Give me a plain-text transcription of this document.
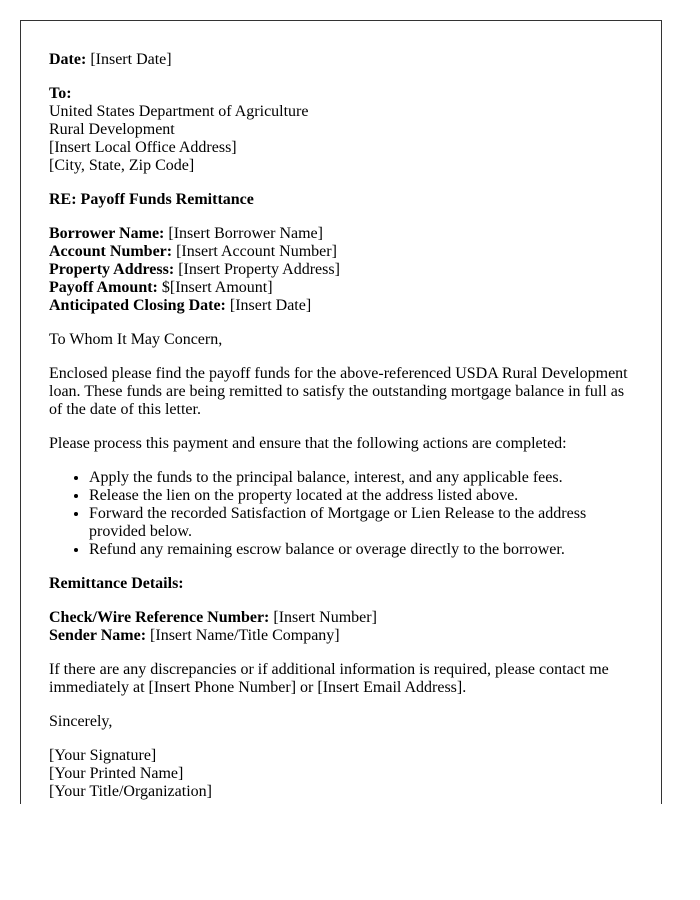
Date: [Insert Date]

To:
United States Department of Agriculture
Rural Development
[Insert Local Office Address]
[City, State, Zip Code]

RE: Payoff Funds Remittance

Borrower Name: [Insert Borrower Name]
Account Number: [Insert Account Number]
Property Address: [Insert Property Address]
Payoff Amount: $[Insert Amount]
Anticipated Closing Date: [Insert Date]

To Whom It May Concern,

Enclosed please find the payoff funds for the above-referenced USDA Rural Development loan. These funds are being remitted to satisfy the outstanding mortgage balance in full as of the date of this letter.

Please process this payment and ensure that the following actions are completed:

• Apply the funds to the principal balance, interest, and any applicable fees.
• Release the lien on the property located at the address listed above.
• Forward the recorded Satisfaction of Mortgage or Lien Release to the address provided below.
• Refund any remaining escrow balance or overage directly to the borrower.

Remittance Details:

Check/Wire Reference Number: [Insert Number]
Sender Name: [Insert Name/Title Company]

If there are any discrepancies or if additional information is required, please contact me immediately at [Insert Phone Number] or [Insert Email Address].

Sincerely,

[Your Signature]
[Your Printed Name]
[Your Title/Organization]
